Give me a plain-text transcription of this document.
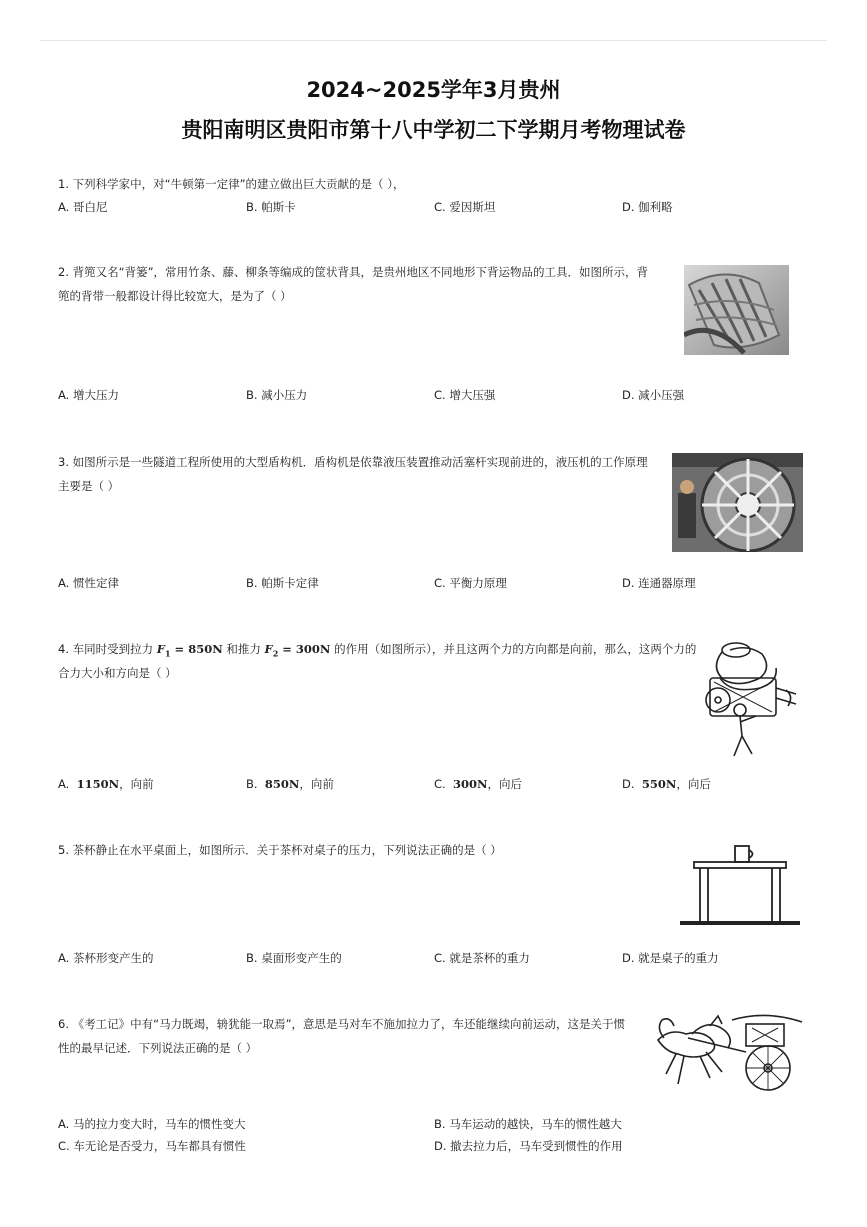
2024~2025学年3月贵州
贵阳南明区贵阳市第十八中学初二下学期月考物理试卷
1. 下列科学家中，对“牛顿第一定律”的建立做出巨大贡献的是（ ），
A. 哥白尼	B. 帕斯卡	C. 爱因斯坦	D. 伽利略
2. 背篼又名“背篓”，常用竹条、藤、柳条等编成的筐状背具，是贵州地区不同地形下背运物品的工具．如图所示，背
篼的背带一般都设计得比较宽大，是为了（ ）
A. 增大压力	B. 减小压力	C. 增大压强	D. 减小压强
3. 如图所示是一些隧道工程所使用的大型盾构机．盾构机是依靠液压装置推动活塞杆实现前进的，液压机的工作原理
主要是（ ）
A. 惯性定律	B. 帕斯卡定律	C. 平衡力原理	D. 连通器原理
4. 车同时受到拉力 $F_1 = 850N$ 和推力 $F_2 = 300N$ 的作用（如图所示），并且这两个力的方向都是向前，那么，这两个力的
合力大小和方向是（ ）
A. 1150N，向前	B. 850N，向前	C. 300N，向后	D. 550N，向后
5. 茶杯静止在水平桌面上，如图所示．关于茶杯对桌子的压力，下列说法正确的是（ ）
A. 茶杯形变产生的	B. 桌面形变产生的	C. 就是茶杯的重力	D. 就是桌子的重力
6. 《考工记》中有“马力既竭，辀犹能一取焉”，意思是马对车不施加拉力了，车还能继续向前运动，这是关于惯
性的最早记述．下列说法正确的是（ ）
A. 马的拉力变大时，马车的惯性变大	B. 马车运动的越快，马车的惯性越大
C. 车无论是否受力，马车都具有惯性	D. 撤去拉力后，马车受到惯性的作用
